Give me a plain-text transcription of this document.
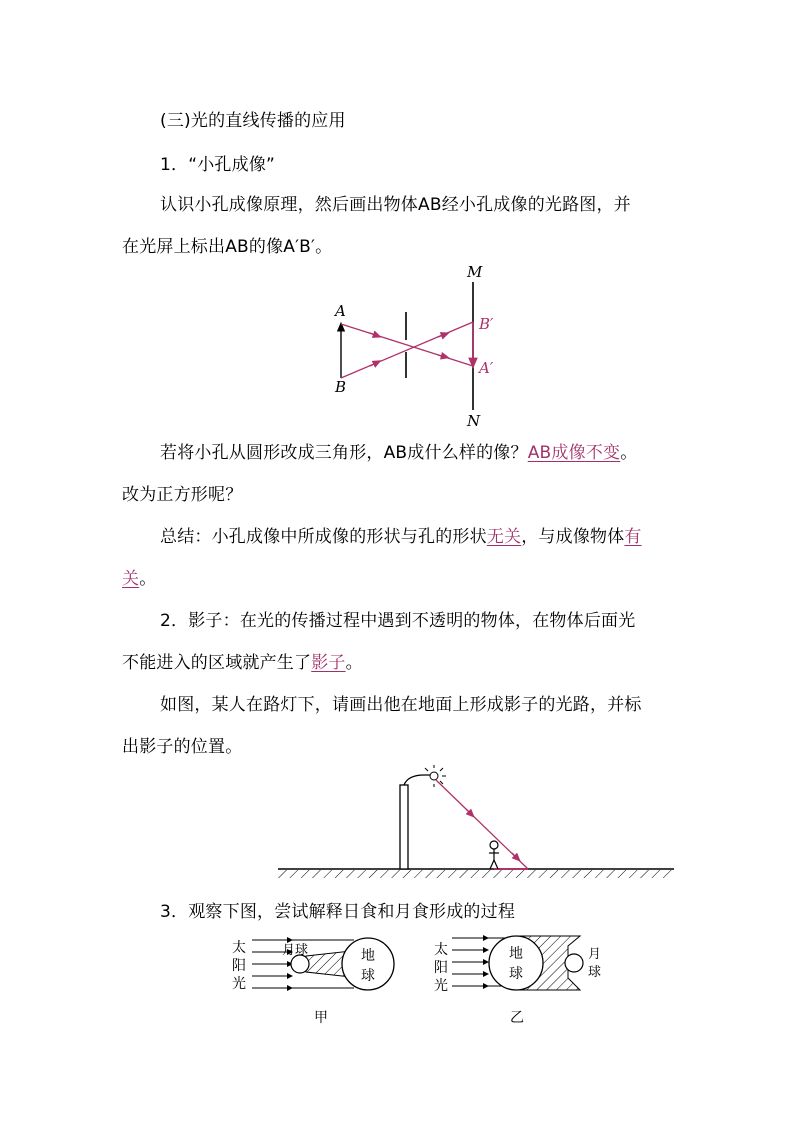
(三)光的直线传播的应用
1．“小孔成像”
认识小孔成像原理，然后画出物体AB经小孔成像的光路图，并
在光屏上标出AB的像A′B′。
A
B
M
N
B′
A′
若将小孔从圆形改成三角形，AB成什么样的像？AB成像不变。
改为正方形呢？
总结：小孔成像中所成像的形状与孔的形状无关，与成像物体有
关。
2．影子：在光的传播过程中遇到不透明的物体，在物体后面光
不能进入的区域就产生了影子。
如图，某人在路灯下，请画出他在地面上形成影子的光路，并标
出影子的位置。
3．观察下图，尝试解释日食和月食形成的过程
太
阳
光
月球	地
球
甲
太
阳
光
地
球
月
球
乙
